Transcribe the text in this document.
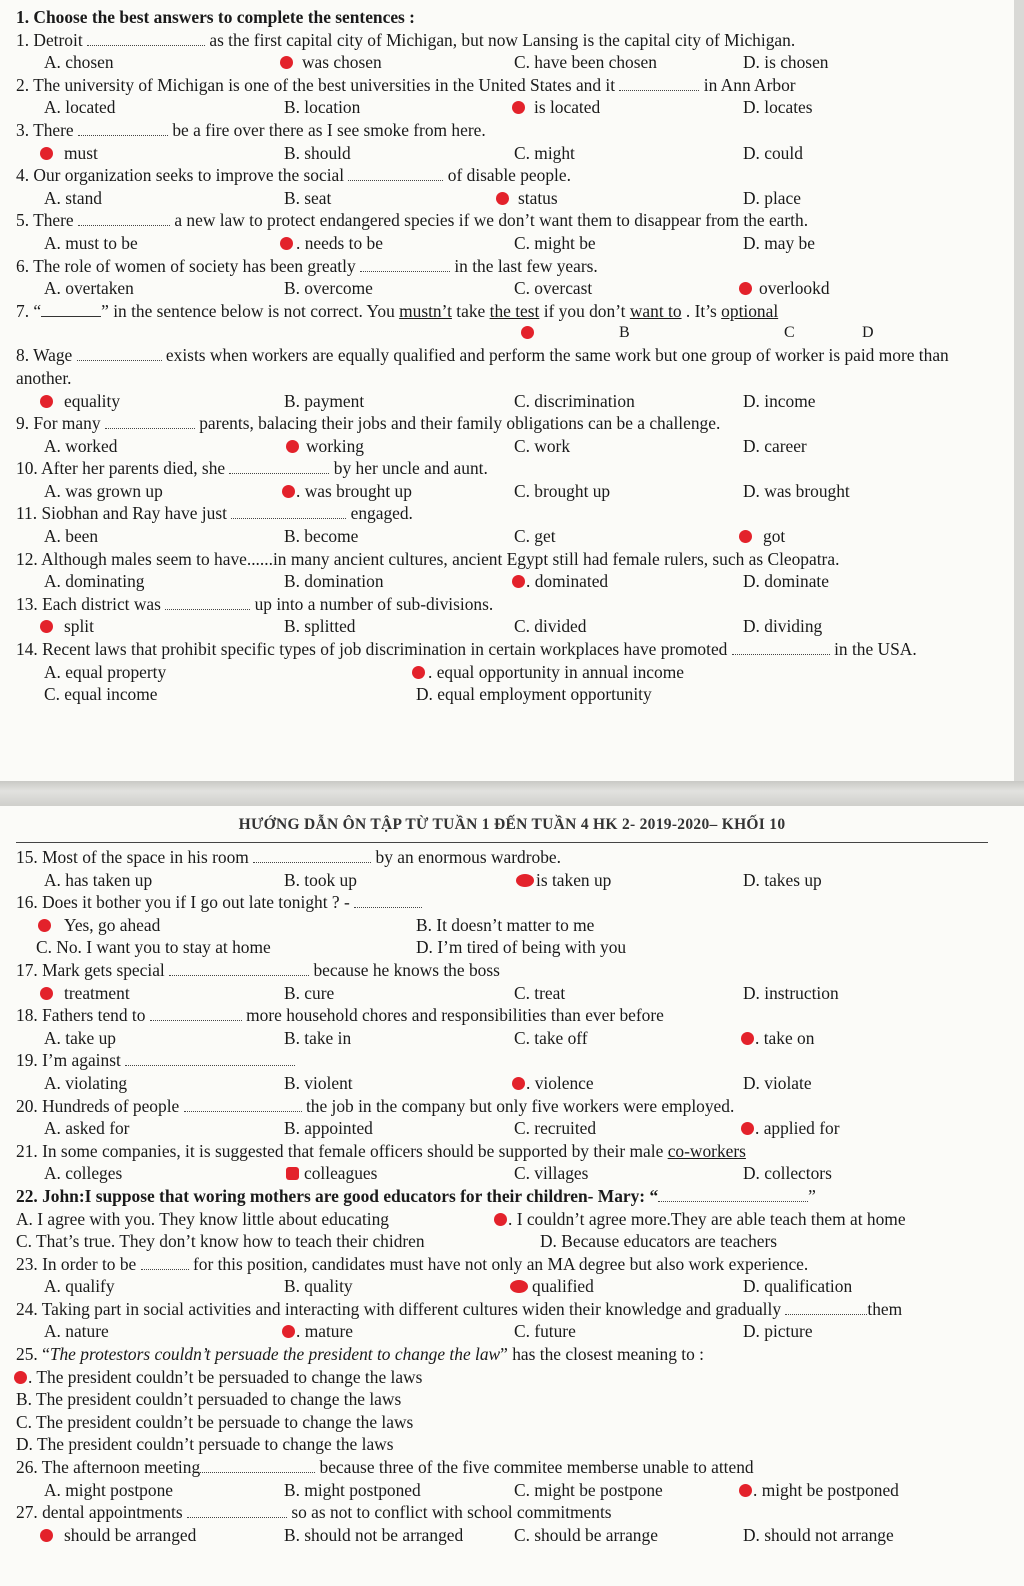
1. Choose the best answers to complete the sentences :
1. Detroit	as the first capital city of Michigan, but now Lansing is the capital city of Michigan.
A. chosen	was chosen	C. have been chosen	D. is chosen
2. The university of Michigan is one of the best universities in the United States and it	in Ann Arbor
A. located	B. location	is located	D. locates
3. There	be a fire over there as I see smoke from here.
must	B. should	C. might	D. could
4. Our organization seeks to improve the social	of disable people.
A. stand	B. seat	status	D. place
5. There	a new law to protect endangered species if we don’t want them to disappear from the earth.
A. must to be	. needs to be	C. might be	D. may be
6. The role of women of society has been greatly	in the last few years.
A. overtaken	B. overcome	C. overcast	overlookd
7. “	” in the sentence below is not correct. You mustn’t take the test if you don’t want to . It’s optional
B	C	D
8. Wage	exists when workers are equally qualified and perform the same work but one group of worker is paid more than another.
equality	B. payment	C. discrimination	D. income
9. For many	parents, balacing their jobs and their family obligations can be a challenge.
A. worked	working	C. work	D. career
10. After her parents died, she	by her uncle and aunt.
A. was grown up	. was brought up	C. brought up	D. was brought
11. Siobhan and Ray have just	engaged.
A. been	B. become	C. get	got
12. Although males seem to have......in many ancient cultures, ancient Egypt still had female rulers, such as Cleopatra.
A. dominating	B. domination	. dominated	D. dominate
13. Each district was	up into a number of sub-divisions.
split	B. splitted	C. divided	D. dividing
14. Recent laws that prohibit specific types of job discrimination in certain workplaces have promoted	in the USA.
A. equal property	. equal opportunity in annual income
C. equal income	D. equal employment opportunity
HƯỚNG DẪN ÔN TẬP TỪ TUẦN 1 ĐẾN TUẦN 4 HK 2- 2019-2020– KHỐI 10
15. Most of the space in his room	by an enormous wardrobe.
A. has taken up	B. took up	is taken up	D. takes up
16. Does it bother you if I go out late tonight ? -
Yes, go ahead	B. It doesn’t matter to me
C. No. I want you to stay at home	D. I’m tired of being with you
17. Mark gets special	because he knows the boss
treatment	B. cure	C. treat	D. instruction
18. Fathers tend to	more household chores and responsibilities than ever before
A. take up	B. take in	C. take off	. take on
19. I’m against
A. violating	B. violent	. violence	D. violate
20. Hundreds of people	the job in the company but only five workers were employed.
A. asked for	B. appointed	C. recruited	. applied for
21. In some companies, it is suggested that female officers should be supported by their male co-workers
A. colleges	colleagues	C. villages	D. collectors
22. John:I suppose that woring mothers are good educators for their children- Mary: “	”
A. I agree with you. They know little about educating	. I couldn’t agree more.They are able teach them at home
C. That’s true. They don’t know how to teach their chidren	D. Because educators are teachers
23. In order to be	for this position, candidates must have not only an MA degree but also work experience.
A. qualify	B. quality	qualified	D. qualification
24. Taking part in social activities and interacting with different cultures widen their knowledge and gradually	them
A. nature	. mature	C. future	D. picture
25. “The protestors couldn’t persuade the president to change the law” has the closest meaning to :
. The president couldn’t be persuaded to change the laws
B. The president couldn’t persuaded to change the laws
C. The president couldn’t be persuade to change the laws
D. The president couldn’t persuade to change the laws
26. The afternoon meeting	because three of the five commitee memberse unable to attend
A. might postpone	B. might postponed	C. might be postpone	. might be postponed
27. dental appointments	so as not to conflict with school commitments
should be arranged	B. should not be arranged	C. should be arrange	D. should not arrange
